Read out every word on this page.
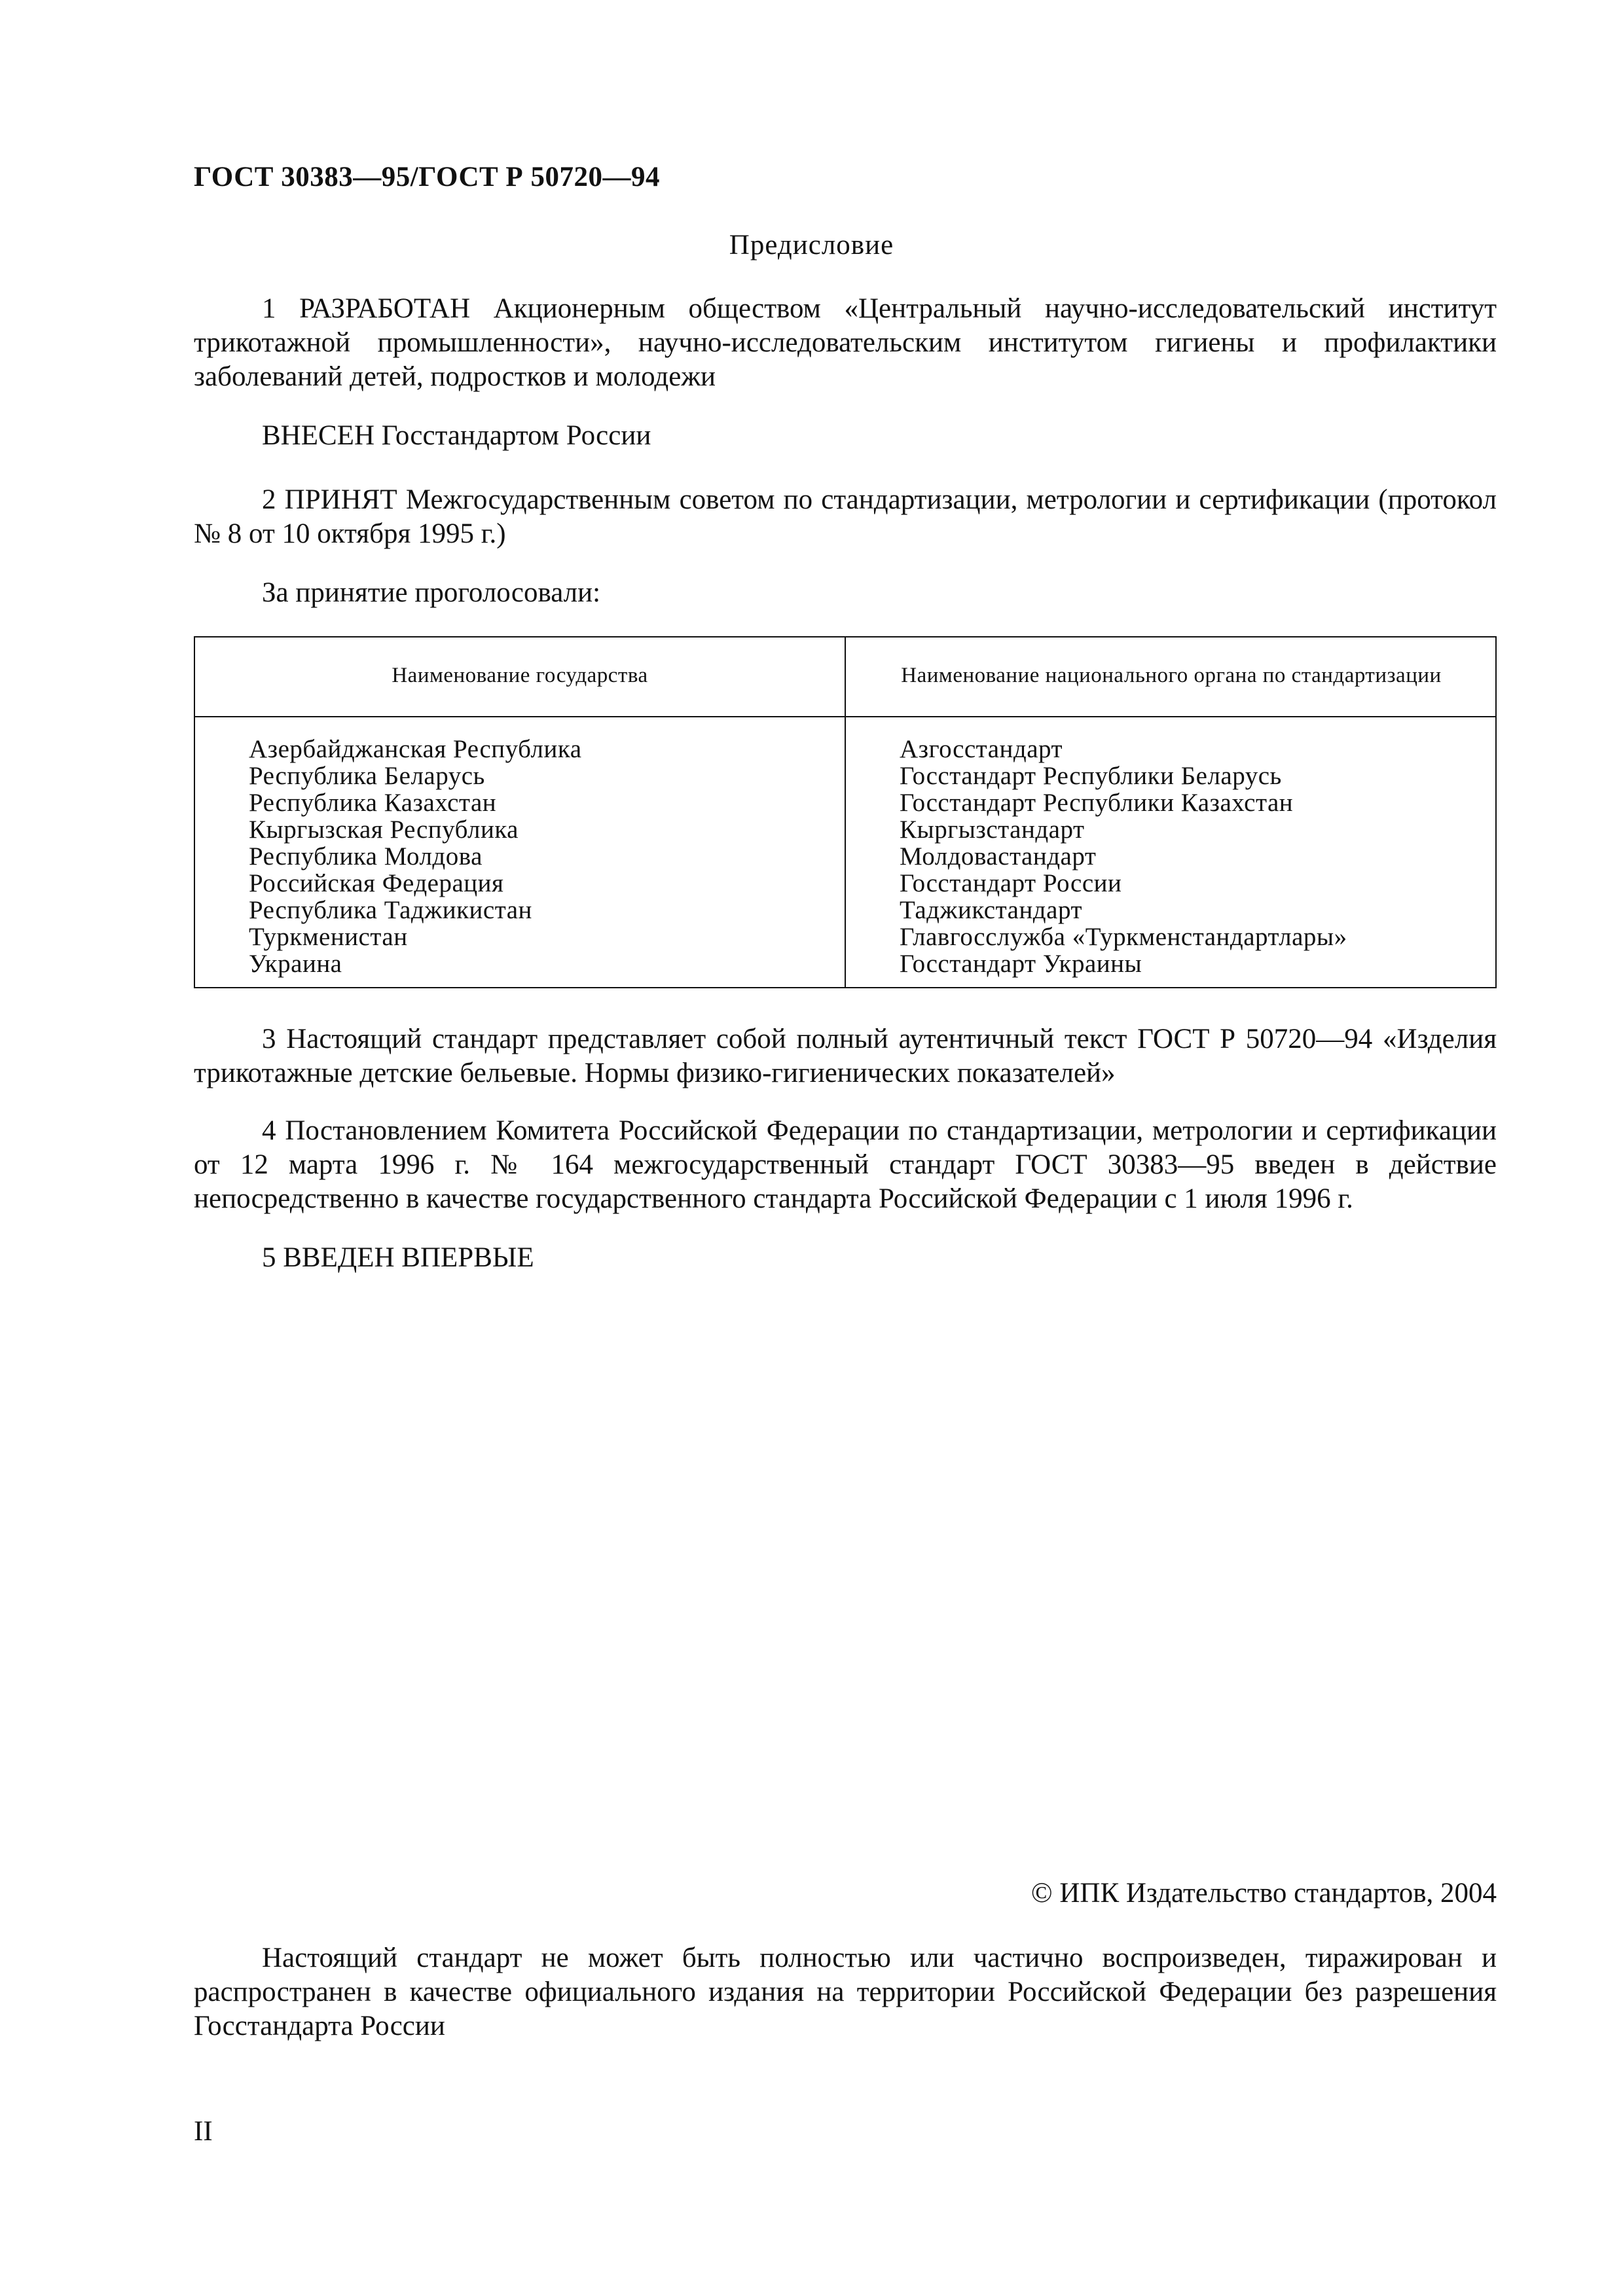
ГОСТ 30383—95/ГОСТ Р 50720—94
Предисловие

1 РАЗРАБОТАН Акционерным обществом «Центральный научно-исследовательский институт трикотажной промышленности», научно-исследовательским институтом гигиены и профилактики заболеваний детей, подростков и молодежи

ВНЕСЕН Госстандартом России

2 ПРИНЯТ Межгосударственным советом по стандартизации, метрологии и сертификации (протокол № 8 от 10 октября 1995 г.)

За принятие проголосовали:

Наименование государства	Наименование национального органа по стандартизации
Азербайджанская Республика
Республика Беларусь
Республика Казахстан
Кыргызская Республика
Республика Молдова
Российская Федерация
Республика Таджикистан
Туркменистан
Украина
Азгосстандарт
Госстандарт Республики Беларусь
Госстандарт Республики Казахстан
Кыргызстандарт
Молдовастандарт
Госстандарт России
Таджикстандарт
Главгосслужба «Туркменстандартлары»
Госстандарт Украины

3 Настоящий стандарт представляет собой полный аутентичный текст ГОСТ Р 50720—94 «Изделия трикотажные детские бельевые. Нормы физико-гигиенических показателей»

4 Постановлением Комитета Российской Федерации по стандартизации, метрологии и сертификации от 12 марта 1996 г. № 164 межгосударственный стандарт ГОСТ 30383—95 введен в действие непосредственно в качестве государственного стандарта Российской Федерации с 1 июля 1996 г.

5 ВВЕДЕН ВПЕРВЫЕ

© ИПК Издательство стандартов, 2004

Настоящий стандарт не может быть полностью или частично воспроизведен, тиражирован и распространен в качестве официального издания на территории Российской Федерации без разрешения Госстандарта России

II
